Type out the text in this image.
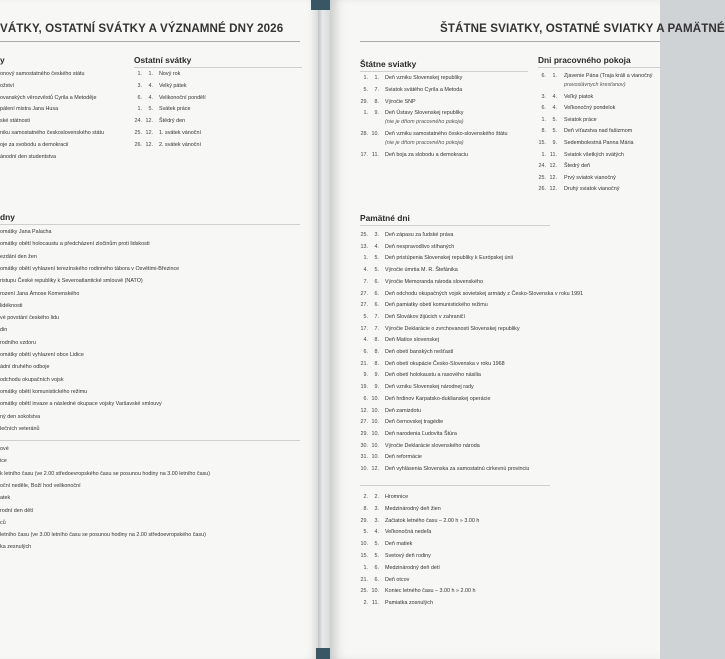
VÁTKY, OSTATNÍ SVÁTKY A VÝZNAMNÉ DNY 2026
y
onový samostatného českého státu
ožství
ovanských věrozvěstů Cyrila a Metoděje
pálení mistra Jana Husa
ské státnosti
niku samostatného československého státu
oje za svobodu a demokracii
ánodní den studentstva
Ostatní svátky
1.	1. Nový rok
3.	4. Velký pátek
6.	4. Velikonoční pondělí
1.	5. Svátek práce
24. 12. Štědrý den
25. 12. 1. svátek vánoční
26. 12. 2. svátek vánoční
dny
omátky Jana Palacha
omátky obětí holocaustu a předcházení zločinům proti lidskosti
ezdání den žen
omátky obětí vyhlazení terezínského rodinného tábora v Osvětimi-Březince
ristupu České republiky k Severoatlantické smlouvě (NATO)
rození Jana Ámose Komenského
lidéknosti
vé povstání českého lidu
din
rodního vzdoru
omátky obětí vyhlazení obce Lidice
ádní druhého odboje
odchodu okupačních vojsk
omátky obětí komunistického režimu
omátky obětí invaze a následné okupace vojsky Varšavské smlouvy
ný den sokolstva
lečních veteránů
ové
ice
k letního času (ve 2.00 středoevropského času se posunou hodiny na 3.00 letního času)
oční neděle, Boží hod velikonoční
atek
rodní den dětí
ců
letního času (ve 3.00 letního času se posunou hodiny na 2.00 středoevropského času)
ka zesnulých
ŠTÁTNE SVIATKY, OSTATNÉ SVIATKY A PAMÄTNÉ
Štátne sviatky
1.	1. Deň vzniku Slovenskej republiky
5.	7. Sviatok svätého Cyrila a Metoda
29.	8. Výročie SNP
1.	9. Deň Ústavy Slovenskej republiky
(nie je dňom pracovného pokoja)
28. 10. Deň vzniku samostatného česko-slovenského štátu
(nie je dňom pracovného pokoja)
17. 11. Deň boja za slobodu a demokraciu
Dni pracovného pokoja
6.	1. Zjavenie Pána (Traja králi a vianočný
pravoslávnych kresťanov)
3.	4. Veľký piatok
6.	4. Veľkonočný pondelok
1.	5. Sviatok práce
8.	5. Deň víťazstva nad fašizmom
15.	9. Sedembolestná Panna Mária
1. 11. Sviatok všetkých svätých
24. 12. Štedrý deň
25. 12. Prvý sviatok vianočný
26. 12. Druhý sviatok vianočný
Pamätné dni
25.	3. Deň zápasu za ľudské práva
13.	4. Deň nespravodlivo stíhaných
1.	5. Deň pristúpenia Slovenskej republiky k Európskej únii
4.	5. Výročie úmrtia M. R. Štefánika
7.	6. Výročie Memoranda národa slovenského
27.	6. Deň odchodu okupačných vojsk sovietskej armády z Česko-Slovenska v roku 1991
27.	6. Deň pamiatky obetí komunistického režimu
5.	7. Deň Slovákov žijúcich v zahraničí
17.	7. Výročie Deklarácie o zvrchovanosti Slovenskej republiky
4.	8. Deň Matice slovenskej
6.	8. Deň obetí banských nešťastí
21.	8. Deň obetí okupácie Česko-Slovenska v roku 1968
9.	9. Deň obetí holokaustu a rasového násilia
19.	9. Deň vzniku Slovenskej národnej rady
6. 10. Deň hrdinov Karpatsko-duklianskej operácie
12. 10. Deň zamizdotu
27. 10. Deň černovskej tragédie
29. 10. Deň narodenia Ľudovíta Štúra
30. 10. Výročie Deklarácie slovenského národa
31. 10. Deň reformácie
10. 12. Deň vyhlásenia Slovenska za samostatnú cirkevnú provinciu
2.	2. Hromnice
8.	3. Medzinárodný deň žien
29.	3. Začiatok letného času – 2.00 h » 3.00 h
5.	4. Veľkonočná nedeľa
10.	5. Deň matiek
15.	5. Svetový deň rodiny
1.	6. Medzinárodný deň detí
21.	6. Deň otcov
25. 10. Koniec letného času – 3.00 h » 2.00 h
2. 11. Pamiatka zosnulých
